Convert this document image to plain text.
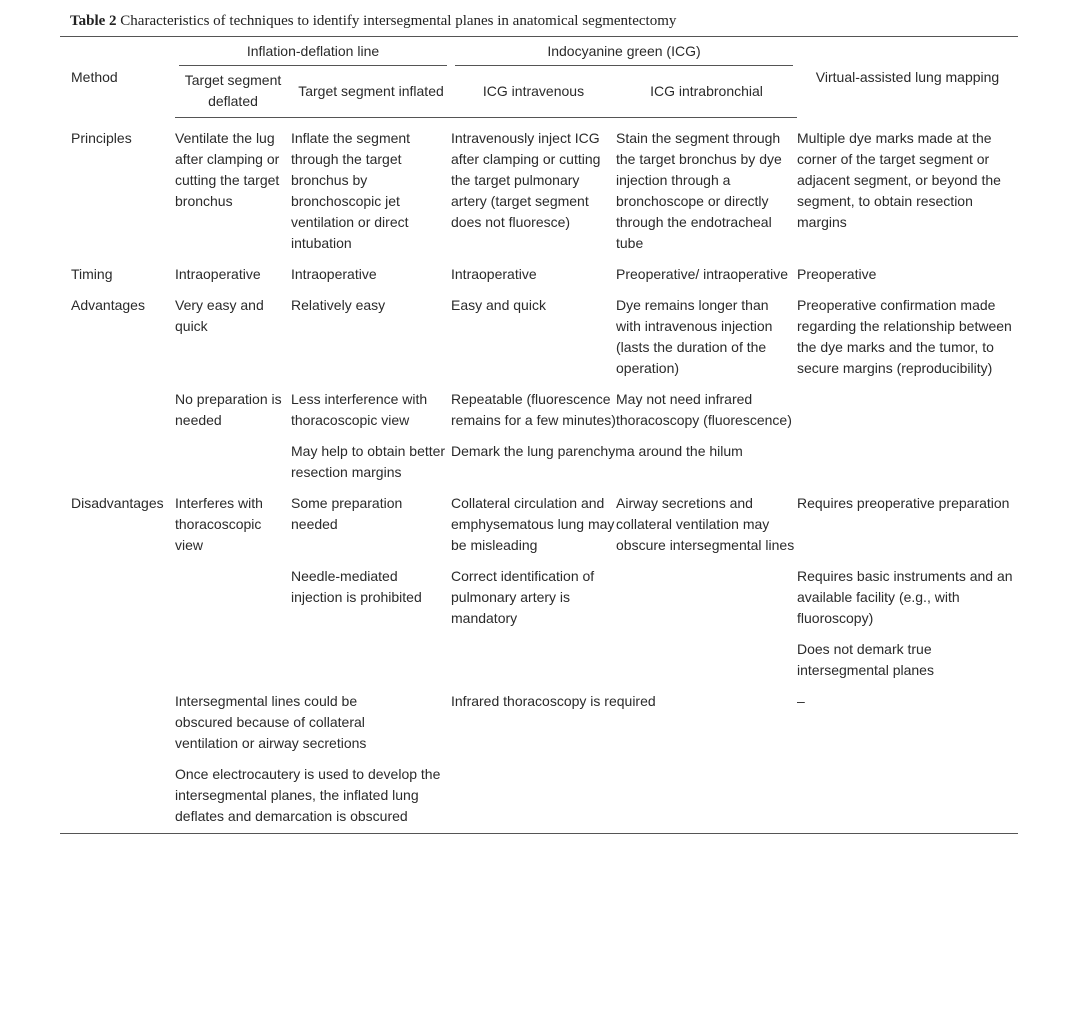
Table 2 Characteristics of techniques to identify intersegmental planes in anatomical segmentectomy
Method	Inflation-deflation line		Indocyanine green (ICG)		Virtual-assisted lung mapping
	Target segment deflated	Target segment inflated	ICG intravenous	ICG intrabronchial	
Principles	Ventilate the lug after clamping or cutting the target bronchus	Inflate the segment through the target bronchus by bronchoscopic jet ventilation or direct intubation	Intravenously inject ICG after clamping or cutting the target pulmonary artery (target segment does not fluoresce)	Stain the segment through the target bronchus by dye injection through a bronchoscope or directly through the endotracheal tube	Multiple dye marks made at the corner of the target segment or adjacent segment, or beyond the segment, to obtain resection margins
Timing	Intraoperative	Intraoperative	Intraoperative	Preoperative/ intraoperative	Preoperative
Advantages	Very easy and quick	Relatively easy	Easy and quick	Dye remains longer than with intravenous injection (lasts the duration of the operation)	Preoperative confirmation made regarding the relationship between the dye marks and the tumor, to secure margins (reproducibility)
	No preparation is needed	Less interference with thoracoscopic view	Repeatable (fluorescence remains for a few minutes)	May not need infrared thoracoscopy (fluorescence)	
		May help to obtain better resection margins	Demark the lung parenchyma around the hilum		
Disadvantages	Interferes with thoracoscopic view	Some preparation needed	Collateral circulation and emphysematous lung may be misleading	Airway secretions and collateral ventilation may obscure intersegmental lines	Requires preoperative preparation
		Needle-mediated injection is prohibited	Correct identification of pulmonary artery is mandatory		Requires basic instruments and an available facility (e.g., with fluoroscopy)
					Does not demark true intersegmental planes
	Intersegmental lines could be obscured because of collateral ventilation or airway secretions		Infrared thoracoscopy is required		–
	Once electrocautery is used to develop the intersegmental planes, the inflated lung deflates and demarcation is obscured				
